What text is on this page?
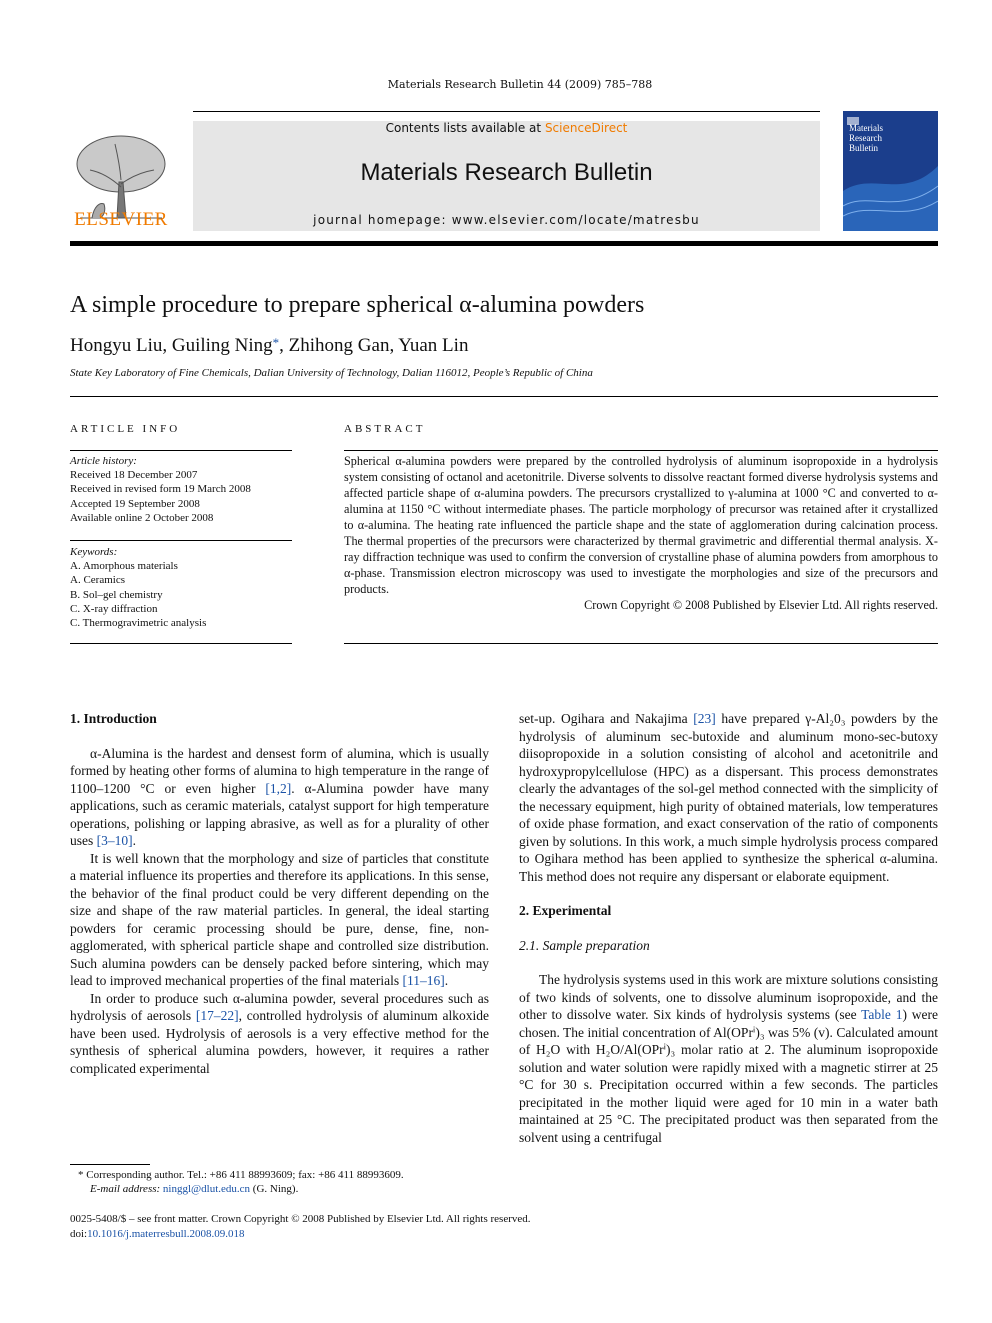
Materials Research Bulletin 44 (2009) 785–788
ELSEVIER
Contents lists available at ScienceDirect
Materials Research Bulletin
journal homepage: www.elsevier.com/locate/matresbu
Materials
Research
Bulletin
A simple procedure to prepare spherical α-alumina powders
Hongyu Liu, Guiling Ning*, Zhihong Gan, Yuan Lin
State Key Laboratory of Fine Chemicals, Dalian University of Technology, Dalian 116012, People’s Republic of China
ARTICLE INFO
Article history:
Received 18 December 2007
Received in revised form 19 March 2008
Accepted 19 September 2008
Available online 2 October 2008
Keywords:
A. Amorphous materials
A. Ceramics
B. Sol–gel chemistry
C. X-ray diffraction
C. Thermogravimetric analysis
ABSTRACT
Spherical α-alumina powders were prepared by the controlled hydrolysis of aluminum isopropoxide in a hydrolysis system consisting of octanol and acetonitrile. Diverse solvents to dissolve reactant formed diverse hydrolysis systems and affected particle shape of α-alumina powders. The precursors crystallized to γ-alumina at 1000 °C and converted to α-alumina at 1150 °C without intermediate phases. The particle morphology of precursor was retained after it crystallized to α-alumina. The heating rate influenced the particle shape and the state of agglomeration during calcination process. The thermal properties of the precursors were characterized by thermal gravimetric and differential thermal analysis. X-ray diffraction technique was used to confirm the conversion of crystalline phase of alumina powders from amorphous to α-phase. Transmission electron microscopy was used to investigate the morphologies and size of the precursors and products.
Crown Copyright © 2008 Published by Elsevier Ltd. All rights reserved.

1. Introduction

α-Alumina is the hardest and densest form of alumina, which is usually formed by heating other forms of alumina to high temperature in the range of 1100–1200 °C or even higher [1,2]. α-Alumina powder have many applications, such as ceramic materials, catalyst support for high temperature operations, polishing or lapping abrasive, as well as for a plurality of other uses [3–10].

It is well known that the morphology and size of particles that constitute a material influence its properties and therefore its applications. In this sense, the behavior of the final product could be very different depending on the size and shape of the raw material particles. In general, the ideal starting powders for ceramic processing should be pure, dense, fine, non-agglomerated, with spherical particle shape and controlled size distribution. Such alumina powders can be densely packed before sintering, which may lead to improved mechanical properties of the final materials [11–16].

In order to produce such α-alumina powder, several procedures such as hydrolysis of aerosols [17–22], controlled hydrolysis of aluminum alkoxide have been used. Hydrolysis of aerosols is a very effective method for the synthesis of spherical alumina powders, however, it requires a rather complicated experimental

* Corresponding author. Tel.: +86 411 88993609; fax: +86 411 88993609.
E-mail address: ninggl@dlut.edu.cn (G. Ning).

set-up. Ogihara and Nakajima [23] have prepared γ-Al₂0₃ powders by the hydrolysis of aluminum sec-butoxide and aluminum mono-sec-butoxy diisopropoxide in a solution consisting of alcohol and acetonitrile and hydroxypropylcellulose (HPC) as a dispersant. This process demonstrates clearly the advantages of the sol-gel method connected with the simplicity of the necessary equipment, high purity of obtained materials, low temperatures of oxide phase formation, and exact conservation of the ratio of components given by solutions. In this work, a much simple hydrolysis process compared to Ogihara method has been applied to synthesize the spherical α-alumina. This method does not require any dispersant or elaborate equipment.

2. Experimental

2.1. Sample preparation

The hydrolysis systems used in this work are mixture solutions consisting of two kinds of solvents, one to dissolve aluminum isopropoxide, and the other to dissolve water. Six kinds of hydrolysis systems (see Table 1) were chosen. The initial concentration of Al(OPrⁱ)₃ was 5% (v). Calculated amount of H₂O with H₂O/Al(OPrⁱ)₃ molar ratio at 2. The aluminum isopropoxide solution and water solution were rapidly mixed with a magnetic stirrer at 25 °C for 30 s. Precipitation occurred within a few seconds. The particles precipitated in the mother liquid were aged for 10 min in a water bath maintained at 25 °C. The precipitated product was then separated from the solvent using a centrifugal

0025-5408/$ – see front matter. Crown Copyright © 2008 Published by Elsevier Ltd. All rights reserved.
doi:10.1016/j.materresbull.2008.09.018
